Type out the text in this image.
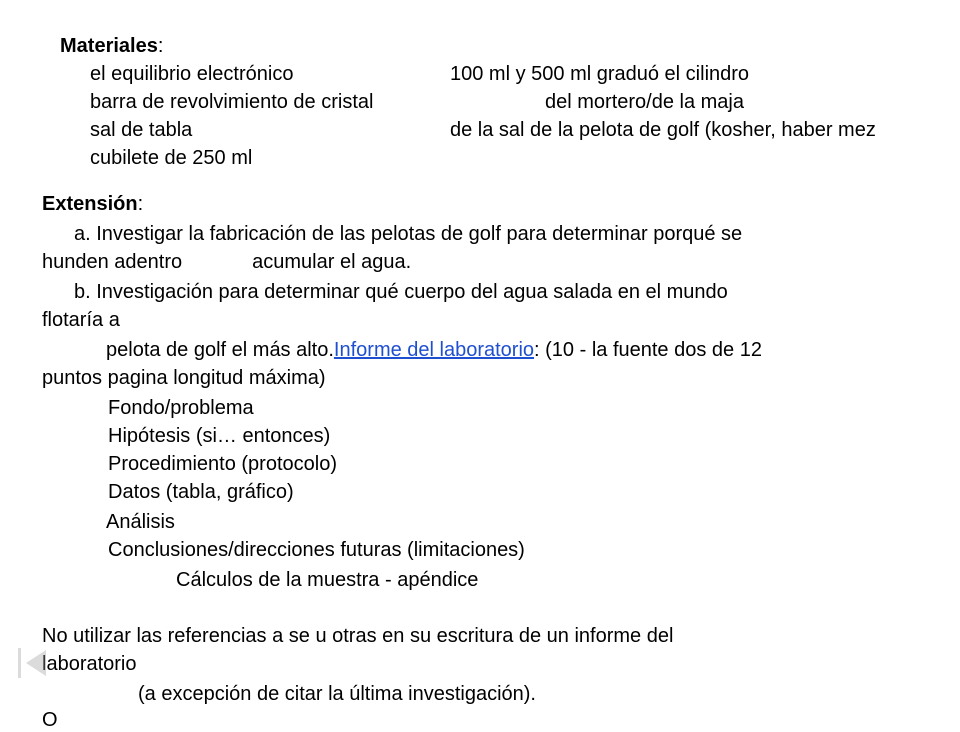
Materiales:
el equilibrio electrónico
barra de revolvimiento de cristal
sal de tabla
cubilete de 250 ml
100 ml y 500 ml graduó el cilindro
del mortero/de la maja
de la sal de la pelota de golf (kosher, haber mez
Extensión:
a. Investigar la fabricación de las pelotas de golf para determinar porqué se
hunden adentro	acumular el agua.
b. Investigación para determinar qué cuerpo del agua salada en el mundo
flotaría a
pelota de golf el más alto.Informe del laboratorio: (10 - la fuente dos de 12
puntos pagina longitud máxima)
Fondo/problema
Hipótesis (si… entonces)
Procedimiento (protocolo)
Datos (tabla, gráfico)
Análisis
Conclusiones/direcciones futuras (limitaciones)
Cálculos de la muestra - apéndice
No utilizar las referencias a se u otras en su escritura de un informe del
laboratorio
(a excepción de citar la última investigación).
O
